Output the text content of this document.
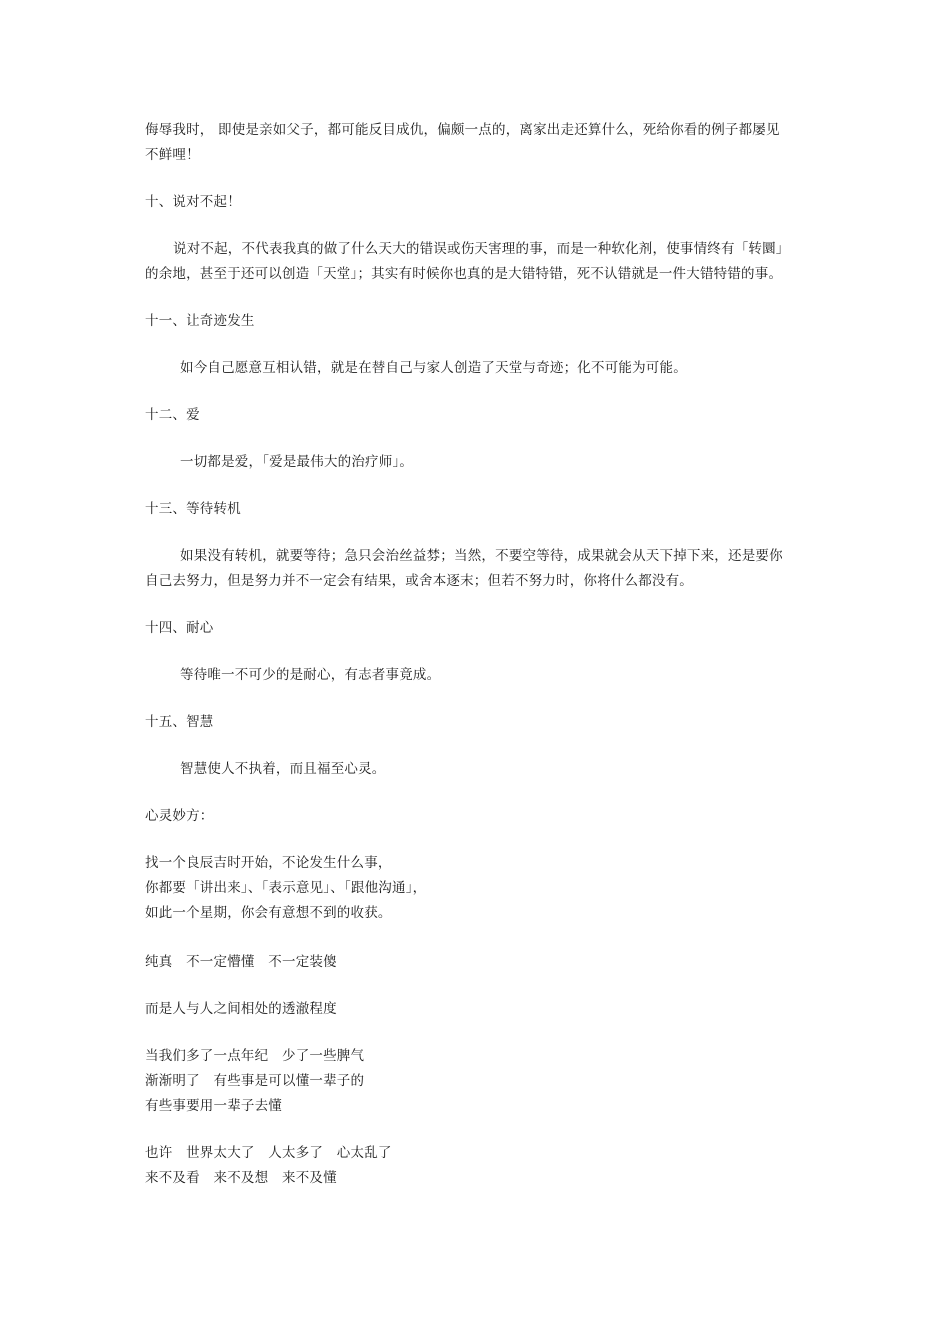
侮辱我时， 即使是亲如父子，都可能反目成仇，偏颇一点的，离家出走还算什么，死给你看的例子都屡见
不鲜哩！
十、说对不起！
说对不起，不代表我真的做了什么天大的错误或伤天害理的事，而是一种软化剂，使事情终有「转圜」
的余地，甚至于还可以创造「天堂」；其实有时候你也真的是大错特错，死不认错就是一件大错特错的事。
十一、让奇迹发生
如今自己愿意互相认错，就是在替自己与家人创造了天堂与奇迹；化不可能为可能。
十二、爱
一切都是爱，「爱是最伟大的治疗师」。
十三、等待转机
如果没有转机，就要等待；急只会治丝益棼；当然，不要空等待，成果就会从天下掉下来，还是要你
自己去努力，但是努力并不一定会有结果，或舍本逐末；但若不努力时，你将什么都没有。
十四、耐心
等待唯一不可少的是耐心，有志者事竟成。
十五、智慧
智慧使人不执着，而且福至心灵。
心灵妙方：
找一个良辰吉时开始，不论发生什么事，
你都要「讲出来」、「表示意见」、「跟他沟通」，
如此一个星期，你会有意想不到的收获。
纯真　不一定懵懂　不一定装傻
而是人与人之间相处的透澈程度
当我们多了一点年纪　少了一些脾气
渐渐明了　有些事是可以懂一辈子的
有些事要用一辈子去懂
也许　世界太大了　人太多了　心太乱了
来不及看　来不及想　来不及懂
